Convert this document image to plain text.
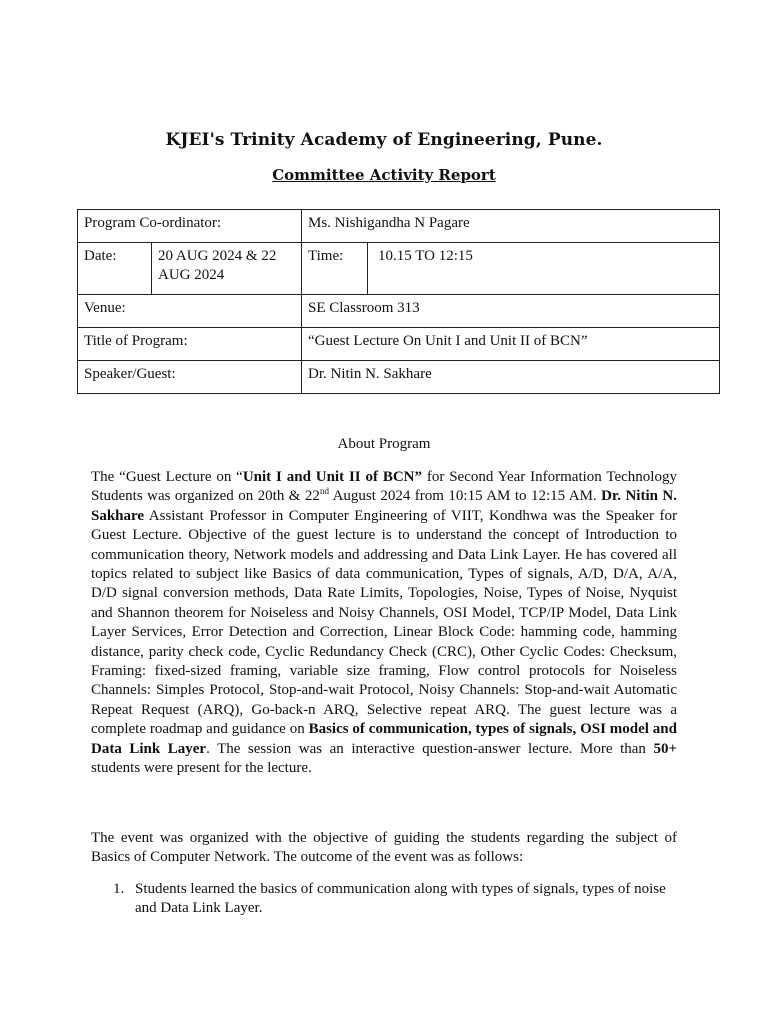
KJEI's Trinity Academy of Engineering, Pune.
Committee Activity Report
Program Co-ordinator:		Ms. Nishigandha N Pagare	
Date:	20 AUG 2024 & 22 AUG 2024	Time:	10.15 TO 12:15
Venue:		SE Classroom 313	
Title of Program:		“Guest Lecture On Unit I and Unit II of BCN”	
Speaker/Guest:		Dr. Nitin N. Sakhare	
About Program

The “Guest Lecture on “Unit I and Unit II of BCN” for Second Year Information Technology Students was organized on 20th & 22nd August 2024 from 10:15 AM to 12:15 AM. Dr. Nitin N. Sakhare Assistant Professor in Computer Engineering of VIIT, Kondhwa was the Speaker for Guest Lecture. Objective of the guest lecture is to understand the concept of Introduction to communication theory, Network models and addressing and Data Link Layer. He has covered all topics related to subject like Basics of data communication, Types of signals, A/D, D/A, A/A, D/D signal conversion methods, Data Rate Limits, Topologies, Noise, Types of Noise, Nyquist and Shannon theorem for Noiseless and Noisy Channels, OSI Model, TCP/IP Model, Data Link Layer Services, Error Detection and Correction, Linear Block Code: hamming code, hamming distance, parity check code, Cyclic Redundancy Check (CRC), Other Cyclic Codes: Checksum, Framing: fixed-sized framing, variable size framing, Flow control protocols for Noiseless Channels: Simples Protocol, Stop-and-wait Protocol, Noisy Channels: Stop-and-wait Automatic Repeat Request (ARQ), Go-back-n ARQ, Selective repeat ARQ. The guest lecture was a complete roadmap and guidance on Basics of communication, types of signals, OSI model and Data Link Layer. The session was an interactive question-answer lecture. More than 50+ students were present for the lecture.

The event was organized with the objective of guiding the students regarding the subject of Basics of Computer Network. The outcome of the event was as follows:

1. Students learned the basics of communication along with types of signals, types of noise and Data Link Layer.
